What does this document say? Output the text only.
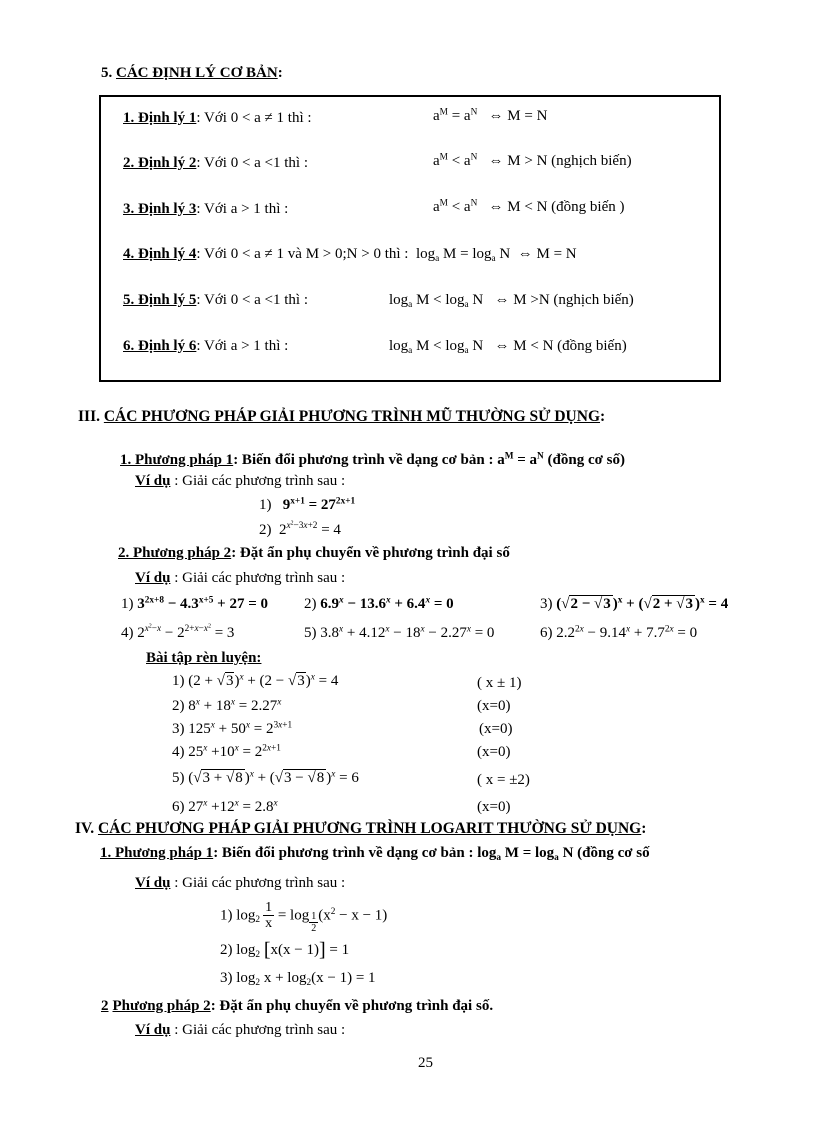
5. CÁC ĐỊNH LÝ CƠ BẢN:
1. Định lý 1: Với 0 < a ≠ 1 thì :	$a^M = a^N$ ⇔ M = N
2. Định lý 2: Với 0 < a <1 thì :	$a^M < a^N$ ⇔ M > N (nghịch biến)
3. Định lý 3: Với a > 1 thì :	$a^M < a^N$ ⇔ M < N (đồng biến )
4. Định lý 4: Với 0 < a ≠ 1 và M > 0;N > 0 thì :  $\log_a M = \log_a N$  ⇔ M = N
5. Định lý 5: Với 0 < a <1 thì :	$\log_a M < \log_a N$   ⇔ M >N (nghịch biến)
6. Định lý 6: Với a > 1 thì :	$\log_a M < \log_a N$   ⇔ M < N (đồng biến)
III. CÁC PHƯƠNG PHÁP GIẢI PHƯƠNG TRÌNH MŨ THƯỜNG SỬ DỤNG:
1. Phương pháp 1: Biến đổi phương trình về dạng cơ bản : $a^M = a^N$ (đồng cơ số)
Ví dụ : Giải các phương trình sau :
1)   $9^{x+1} = 27^{2x+1}$
2)  $2^{x^2-3x+2} = 4$
2. Phương pháp 2: Đặt ẩn phụ chuyển về phương trình đại số
Ví dụ : Giải các phương trình sau :
1) $3^{2x+8} - 4.3^{x+5} + 27 = 0$ 2) $6.9^x - 13.6^x + 6.4^x = 0$	3) (√2 − √3 )$^x$ + (√2 + √3 )$^x$ = 4
4) $2^{x^2-x} - 2^{2+x-x^2} = 3$	5) $3.8^x + 4.12^x - 18^x - 2.27^x = 0$	6) $2.2^{2x} - 9.14^x + 7.7^{2x} = 0$
Bài tập rèn luyện:
1) $(2 + √3)^x + (2 - √3)^x = 4$	( x ± 1)
2) $8^x + 18^x = 2.27^x$	(x=0)
3) $125^x + 50^x = 2^{3x+1}$	(x=0)
4) $25^x +10^x = 2^{2x+1}$	(x=0)
5) (√3 + √8 )$^x$ + (√3 − √8 )$^x$ = 6	( x = ±2)
6) $27^x +12^x = 2.8^x$	(x=0)
IV. CÁC PHƯƠNG PHÁP GIẢI PHƯƠNG TRÌNH LOGARIT THƯỜNG SỬ DỤNG:
1. Phương pháp 1: Biến đổi phương trình về dạng cơ bản : $\log_a M = \log_a N$ (đồng cơ số
Ví dụ : Giải các phương trình sau :
1) $\log_2 \frac{1}{x} = \log \frac{1}{2} (x^2 - x - 1)$
2) $\log_2 [x(x - 1)] = 1$
3) $\log_2 x + \log_2(x - 1) = 1$
2 Phương pháp 2: Đặt ẩn phụ chuyển về phương trình đại số.
Ví dụ : Giải các phương trình sau :
25
